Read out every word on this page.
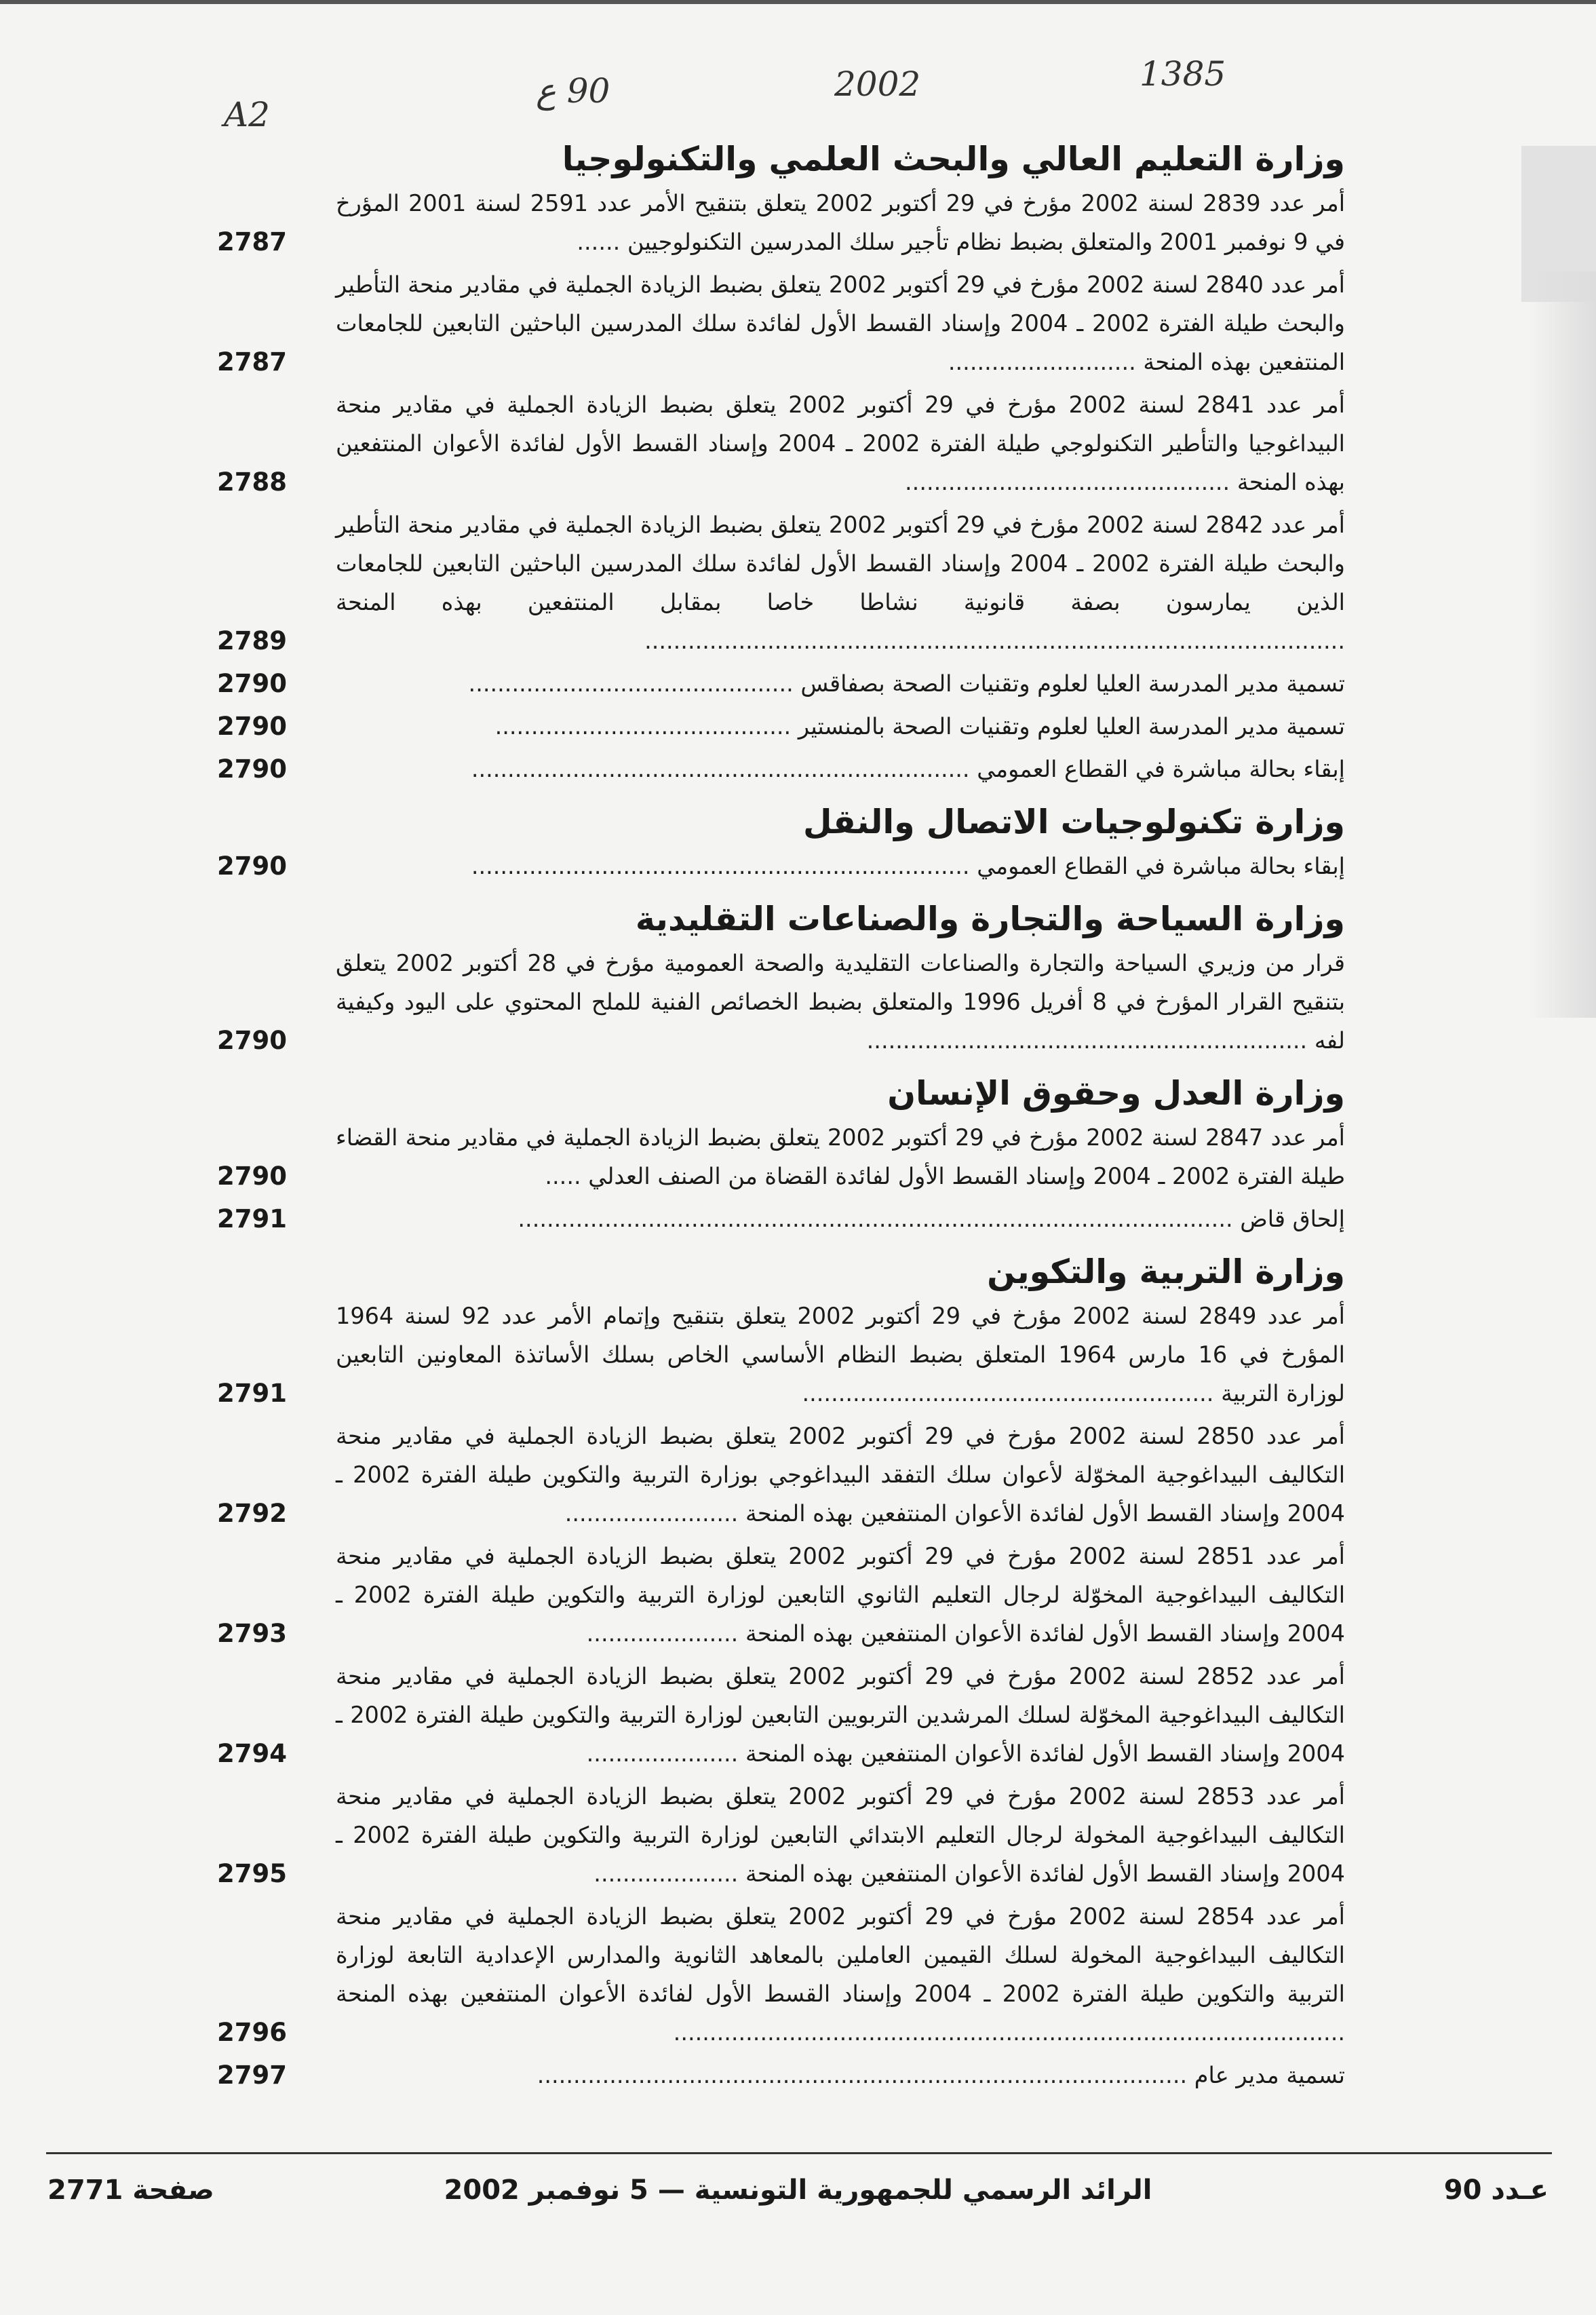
A2
90 ع	2002	1385
وزارة التعليم العالي والبحث العلمي والتكنولوجيا
أمر عدد 2839 لسنة 2002 مؤرخ في 29 أكتوبر 2002 يتعلق بتنقيح الأمر عدد 2591 لسنة 2001 المؤرخ في 9 نوفمبر 2001 والمتعلق بضبط نظام تأجير سلك المدرسين التكنولوجيين ......
2787
أمر عدد 2840 لسنة 2002 مؤرخ في 29 أكتوبر 2002 يتعلق بضبط الزيادة الجملية في مقادير منحة التأطير والبحث طيلة الفترة 2002 ـ 2004 وإسناد القسط الأول لفائدة سلك المدرسين الباحثين التابعين للجامعات المنتفعين بهذه المنحة ..........................
2787
أمر عدد 2841 لسنة 2002 مؤرخ في 29 أكتوبر 2002 يتعلق بضبط الزيادة الجملية في مقادير منحة البيداغوجيا والتأطير التكنولوجي طيلة الفترة 2002 ـ 2004 وإسناد القسط الأول لفائدة الأعوان المنتفعين بهذه المنحة .............................................
2788
أمر عدد 2842 لسنة 2002 مؤرخ في 29 أكتوبر 2002 يتعلق بضبط الزيادة الجملية في مقادير منحة التأطير والبحث طيلة الفترة 2002 ـ 2004 وإسناد القسط الأول لفائدة سلك المدرسين الباحثين التابعين للجامعات الذين يمارسون بصفة قانونية نشاطا خاصا بمقابل المنتفعين بهذه المنحة .................................................................................................
2789
تسمية مدير المدرسة العليا لعلوم وتقنيات الصحة بصفاقس .............................................
2790
تسمية مدير المدرسة العليا لعلوم وتقنيات الصحة بالمنستير .........................................
2790
إبقاء بحالة مباشرة في القطاع العمومي .....................................................................
2790
وزارة تكنولوجيات الاتصال والنقل
إبقاء بحالة مباشرة في القطاع العمومي .....................................................................
2790
وزارة السياحة والتجارة والصناعات التقليدية
قرار من وزيري السياحة والتجارة والصناعات التقليدية والصحة العمومية مؤرخ في 28 أكتوبر 2002 يتعلق بتنقيح القرار المؤرخ في 8 أفريل 1996 والمتعلق بضبط الخصائص الفنية للملح المحتوي على اليود وكيفية لفه .............................................................
2790
وزارة العدل وحقوق الإنسان
أمر عدد 2847 لسنة 2002 مؤرخ في 29 أكتوبر 2002 يتعلق بضبط الزيادة الجملية في مقادير منحة القضاء طيلة الفترة 2002 ـ 2004 وإسناد القسط الأول لفائدة القضاة من الصنف العدلي .....
2790
إلحاق قاض ...................................................................................................
2791
وزارة التربية والتكوين
أمر عدد 2849 لسنة 2002 مؤرخ في 29 أكتوبر 2002 يتعلق بتنقيح وإتمام الأمر عدد 92 لسنة 1964 المؤرخ في 16 مارس 1964 المتعلق بضبط النظام الأساسي الخاص بسلك الأساتذة المعاونين التابعين لوزارة التربية .........................................................
2791
أمر عدد 2850 لسنة 2002 مؤرخ في 29 أكتوبر 2002 يتعلق بضبط الزيادة الجملية في مقادير منحة التكاليف البيداغوجية المخوّلة لأعوان سلك التفقد البيداغوجي بوزارة التربية والتكوين طيلة الفترة 2002 ـ 2004 وإسناد القسط الأول لفائدة الأعوان المنتفعين بهذه المنحة ........................
2792
أمر عدد 2851 لسنة 2002 مؤرخ في 29 أكتوبر 2002 يتعلق بضبط الزيادة الجملية في مقادير منحة التكاليف البيداغوجية المخوّلة لرجال التعليم الثانوي التابعين لوزارة التربية والتكوين طيلة الفترة 2002 ـ 2004 وإسناد القسط الأول لفائدة الأعوان المنتفعين بهذه المنحة .....................
2793
أمر عدد 2852 لسنة 2002 مؤرخ في 29 أكتوبر 2002 يتعلق بضبط الزيادة الجملية في مقادير منحة التكاليف البيداغوجية المخوّلة لسلك المرشدين التربويين التابعين لوزارة التربية والتكوين طيلة الفترة 2002 ـ 2004 وإسناد القسط الأول لفائدة الأعوان المنتفعين بهذه المنحة .....................
2794
أمر عدد 2853 لسنة 2002 مؤرخ في 29 أكتوبر 2002 يتعلق بضبط الزيادة الجملية في مقادير منحة التكاليف البيداغوجية المخولة لرجال التعليم الابتدائي التابعين لوزارة التربية والتكوين طيلة الفترة 2002 ـ 2004 وإسناد القسط الأول لفائدة الأعوان المنتفعين بهذه المنحة ....................
2795
أمر عدد 2854 لسنة 2002 مؤرخ في 29 أكتوبر 2002 يتعلق بضبط الزيادة الجملية في مقادير منحة التكاليف البيداغوجية المخولة لسلك القيمين العاملين بالمعاهد الثانوية والمدارس الإعدادية التابعة لوزارة التربية والتكوين طيلة الفترة 2002 ـ 2004 وإسناد القسط الأول لفائدة الأعوان المنتفعين بهذه المنحة .............................................................................................
2796
تسمية مدير عام ..........................................................................................
2797
عـدد 90
الرائد الرسمي للجمهورية التونسية — 5 نوفمبر 2002
صفحة 2771
